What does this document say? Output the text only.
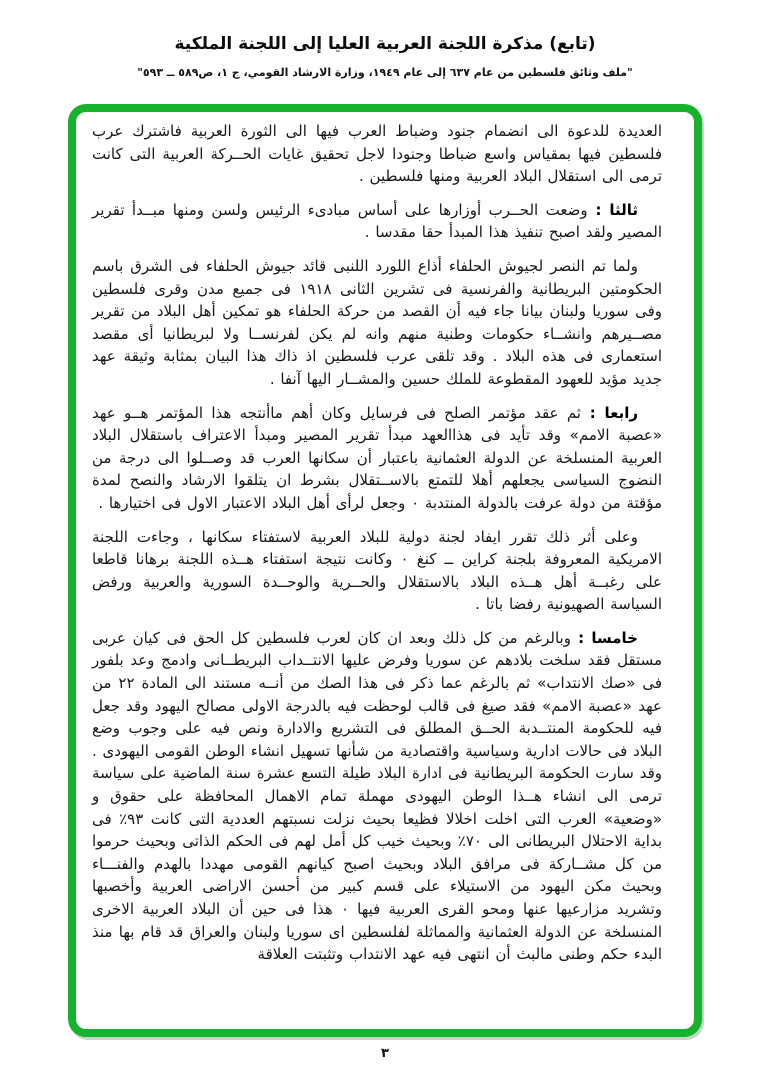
(تابع) مذكرة اللجنة العربية العليا إلى اللجنة الملكية
"ملف وثائق فلسطين من عام ٦٣٧ إلى عام ١٩٤٩، وزارة الارشاد القومي، ج ١، ص٥٨٩ ــ ٥٩٣"

العديدة للدعوة الى انضمام جنود وضباط العرب فيها الى الثورة العربية فاشترك عرب فلسطين فيها بمقياس واسع ضباطا وجنودا لاجل تحقيق غايات الحــركة العربية التى كانت ترمى الى استقلال البلاد العربية ومنها فلسطين .

ثالثا : وضعت الحــرب أوزارها على أساس مبادىء الرئيس ولسن ومنها مبــدأ تقرير المصير ولقد اصبح تنفيذ هذا المبدأ حقا مقدسا .

ولما تم النصر لجيوش الحلفاء أذاع اللورد اللنبى قائد جيوش الحلفاء فى الشرق باسم الحكومتين البريطانية والفرنسية فى تشرين الثانى ١٩١٨ فى جميع مدن وقرى فلسطين وفى سوريا ولبنان بيانا جاء فيه أن القصد من حركة الحلفاء هو تمكين أهل البلاد من تقرير مصــيرهم وانشــاء حكومات وطنية منهم وانه لم يكن لفرنســا ولا لبريطانيا أى مقصد استعمارى فى هذه البلاد . وقد تلقى عرب فلسطين اذ ذاك هذا البيان بمثابة وثيقة عهد جديد مؤيد للعهود المقطوعة للملك حسين والمشــار اليها آنفا .

رابعا : ثم عقد مؤتمر الصلح فى فرسايل وكان أهم ماأنتجه هذا المؤتمر هــو عهد «عصبة الامم» وقد تأيد فى هذاالعهد مبدأ تقرير المصير ومبدأ الاعتراف باستقلال البلاد العربية المنسلخة عن الدولة العثمانية باعتبار أن سكانها العرب قد وصــلوا الى درجة من النضوج السياسى يجعلهم أهلا للتمتع بالاســتقلال بشرط ان يتلقوا الارشاد والنصح لمدة مؤقتة من دولة عرفت بالدولة المنتدبة ٠ وجعل لرأى أهل البلاد الاعتبار الاول فى اختيارها .

وعلى أثر ذلك تقرر ايفاد لجنة دولية للبلاد العربية لاستفتاء سكانها ، وجاءت اللجنة الامريكية المعروفة بلجنة كراين ــ كنغ ٠ وكانت نتيجة استفتاء هــذه اللجنة برهانا قاطعا على رغبــة أهل هــذه البلاد بالاستقلال والحــرية والوحــدة السورية والعربية ورفض السياسة الصهيونية رفضا باتا .

خامسا : وبالرغم من كل ذلك وبعد ان كان لعرب فلسطين كل الحق فى كيان عربى مستقل فقد سلخت بلادهم عن سوريا وفرض عليها الانتــداب البريطــانى وادمج وعد بلفور فى «صك الانتداب» ثم بالرغم عما ذكر فى هذا الصك من أنــه مستند الى المادة ٢٢ من عهد «عصبة الامم» فقد صيغ فى قالب لوحظت فيه بالدرجة الاولى مصالح اليهود وقد جعل فيه للحكومة المنتــدبة الحــق المطلق فى التشريع والادارة ونص فيه على وجوب وضع البلاد فى حالات ادارية وسياسية واقتصادية من شأنها تسهيل انشاء الوطن القومى اليهودى . وقد سارت الحكومة البريطانية فى ادارة البلاد طيلة التسع عشرة سنة الماضية على سياسة ترمى الى انشاء هــذا الوطن اليهودى مهملة تمام الاهمال المحافظة على حقوق و «وضعية» العرب التى اخلت اخلالا فظيعا بحيث نزلت نسبتهم العددية التى كانت ٩٣٪ فى بداية الاحتلال البريطانى الى ٧٠٪ وبحيث خيب كل أمل لهم فى الحكم الذاتى وبحيث حرموا من كل مشــاركة فى مرافق البلاد وبحيث اصبح كيانهم القومى مهددا بالهدم والفنـــاء وبحيث مكن اليهود من الاستيلاء على قسم كبير من أحسن الاراضى العربية وأخصبها وتشريد مزارعيها عنها ومحو القرى العربية فيها ٠ هذا فى حين أن البلاد العربية الاخرى المنسلخة عن الدولة العثمانية والمماثلة لفلسطين اى سوريا ولبنان والعراق قد قام بها منذ البدء حكم وطنى مالبث أن انتهى فيه عهد الانتداب وتثبتت العلاقة

٣
